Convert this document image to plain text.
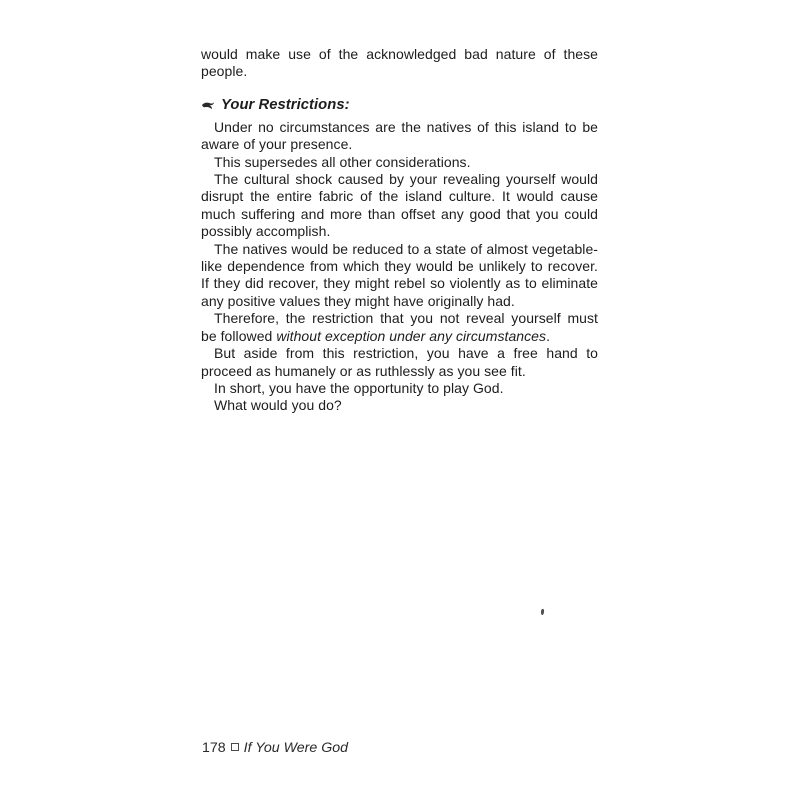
would make use of the acknowledged bad nature of these
people.
Your Restrictions:
Under no circumstances are the natives of this island to be
aware of your presence.
This supersedes all other considerations.
The cultural shock caused by your revealing yourself would
disrupt the entire fabric of the island culture. It would cause
much suffering and more than offset any good that you could
possibly accomplish.
The natives would be reduced to a state of almost vegetable-
like dependence from which they would be unlikely to recover.
If they did recover, they might rebel so violently as to eliminate
any positive values they might have originally had.
Therefore, the restriction that you not reveal yourself must
be followed without exception under any circumstances.
But aside from this restriction, you have a free hand to
proceed as humanely or as ruthlessly as you see fit.
In short, you have the opportunity to play God.
What would you do?
178 If You Were God
